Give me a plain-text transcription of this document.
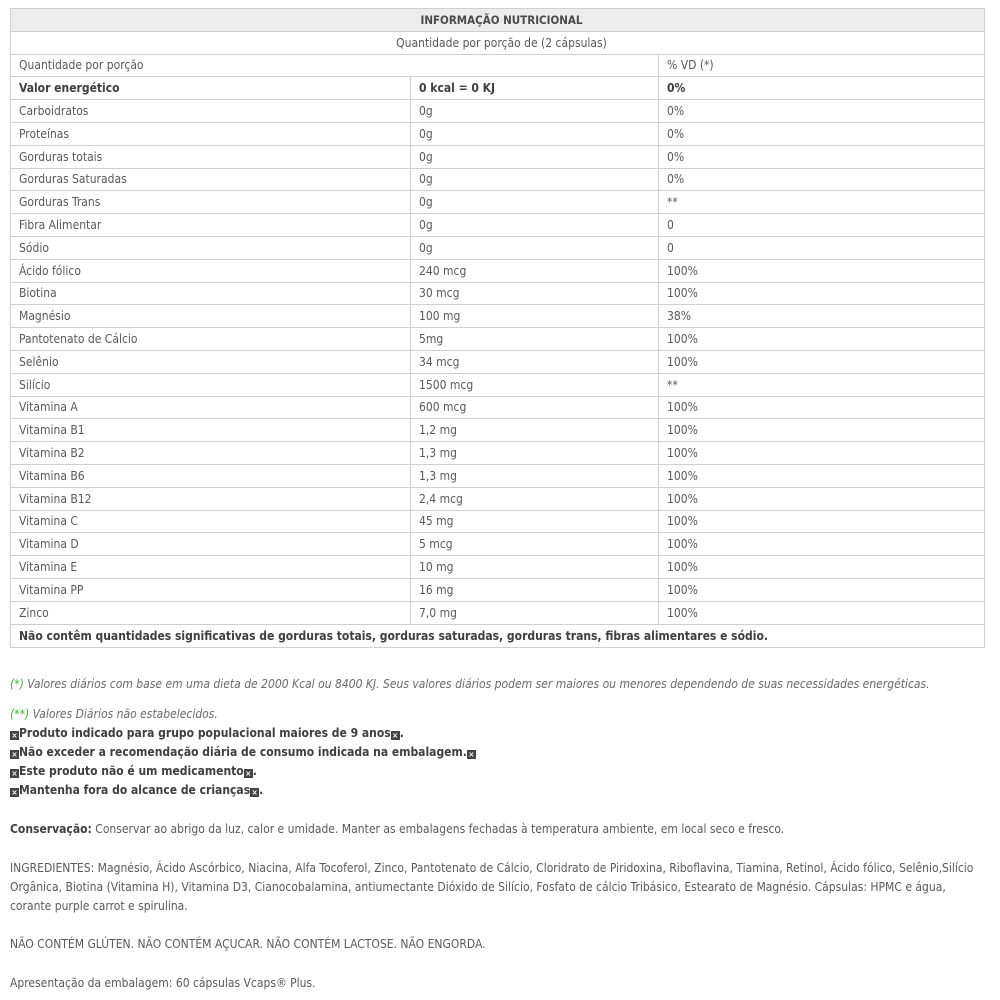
INFORMAÇÃO NUTRICIONAL		
Quantidade por porção de (2 cápsulas)		
Quantidade por porção		% VD (*)
Valor energético	0 kcal = 0 KJ	0%
Carboidratos	0g	0%
Proteínas	0g	0%
Gorduras totais	0g	0%
Gorduras Saturadas	0g	0%
Gorduras Trans	0g	**
Fibra Alimentar	0g	0
Sódio	0g	0
Ácido fólico	240 mcg	100%
Biotina	30 mcg	100%
Magnésio	100 mg	38%
Pantotenato de Cálcio	5mg	100%
Selênio	34 mcg	100%
Silício	1500 mcg	**
Vitamina A	600 mcg	100%
Vitamina B1	1,2 mg	100%
Vitamina B2	1,3 mg	100%
Vitamina B6	1,3 mg	100%
Vitamina B12	2,4 mcg	100%
Vitamina C	45 mg	100%
Vitamina D	5 mcg	100%
Vitamina E	10 mg	100%
Vitamina PP	16 mg	100%
Zinco	7,0 mg	100%
Não contêm quantidades significativas de gorduras totais, gorduras saturadas, gorduras trans, fibras alimentares e sódio.		

(*) Valores diários com base em uma dieta de 2000 Kcal ou 8400 KJ. Seus valores diários podem ser maiores ou menores dependendo de suas necessidades energéticas.

(**) Valores Diários não estabelecidos.

×Produto indicado para grupo populacional maiores de 9 anos×.

×Não exceder a recomendação diária de consumo indicada na embalagem.×

×Este produto não é um medicamento×.

×Mantenha fora do alcance de crianças×.

Conservação: Conservar ao abrigo da luz, calor e umidade. Manter as embalagens fechadas à temperatura ambiente, em local seco e fresco.

INGREDIENTES: Magnésio, Ácido Ascórbico, Niacina, Alfa Tocoferol, Zinco, Pantotenato de Cálcio, Cloridrato de Piridoxina, Riboflavina, Tiamina, Retinol, Ácido fólico, Selênio,Silício Orgânica, Biotina (Vitamina H), Vitamina D3, Cianocobalamina, antiumectante Dióxido de Silício, Fosfato de cálcio Tribásico, Estearato de Magnésio. Cápsulas: HPMC e água, corante purple carrot e spirulina.

NÃO CONTÉM GLÚTEN. NÃO CONTÉM AÇUCAR. NÃO CONTÉM LACTOSE. NÃO ENGORDA.

Apresentação da embalagem: 60 cápsulas Vcaps® Plus.
